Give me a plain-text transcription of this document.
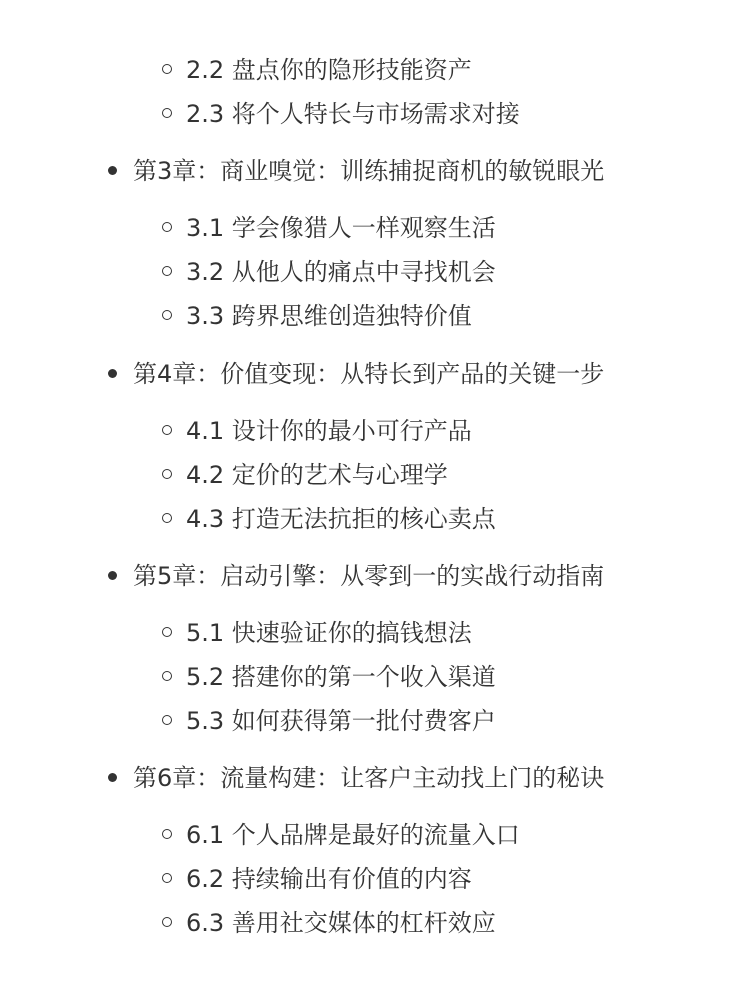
2.2 盘点你的隐形技能资产
2.3 将个人特长与市场需求对接
第3章：商业嗅觉：训练捕捉商机的敏锐眼光
3.1 学会像猎人一样观察生活
3.2 从他人的痛点中寻找机会
3.3 跨界思维创造独特价值
第4章：价值变现：从特长到产品的关键一步
4.1 设计你的最小可行产品
4.2 定价的艺术与心理学
4.3 打造无法抗拒的核心卖点
第5章：启动引擎：从零到一的实战行动指南
5.1 快速验证你的搞钱想法
5.2 搭建你的第一个收入渠道
5.3 如何获得第一批付费客户
第6章：流量构建：让客户主动找上门的秘诀
6.1 个人品牌是最好的流量入口
6.2 持续输出有价值的内容
6.3 善用社交媒体的杠杆效应
